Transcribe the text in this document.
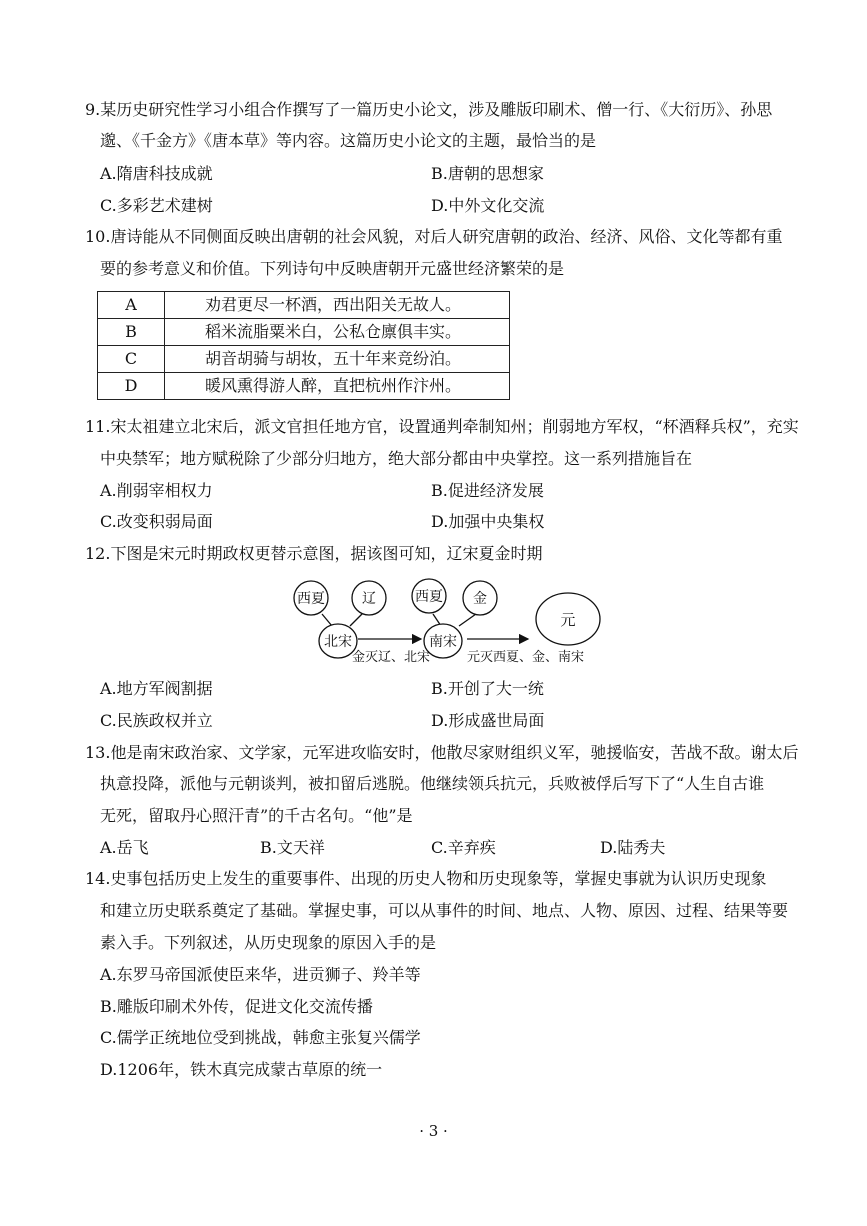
9.某历史研究性学习小组合作撰写了一篇历史小论文，涉及雕版印刷术、僧一行、《大衍历》、孙思
邈、《千金方》《唐本草》等内容。这篇历史小论文的主题，最恰当的是
A.隋唐科技成就	B.唐朝的思想家
C.多彩艺术建树	D.中外文化交流
10.唐诗能从不同侧面反映出唐朝的社会风貌，对后人研究唐朝的政治、经济、风俗、文化等都有重
要的参考意义和价值。下列诗句中反映唐朝开元盛世经济繁荣的是
A	劝君更尽一杯酒，西出阳关无故人。
B	稻米流脂粟米白，公私仓廪俱丰实。
C	胡音胡骑与胡妆，五十年来竞纷泊。
D	暖风熏得游人醉，直把杭州作汴州。
11.宋太祖建立北宋后，派文官担任地方官，设置通判牵制知州；削弱地方军权，“杯酒释兵权”，充实
中央禁军；地方赋税除了少部分归地方，绝大部分都由中央掌控。这一系列措施旨在
A.削弱宰相权力	B.促进经济发展
C.改变积弱局面	D.加强中央集权
12.下图是宋元时期政权更替示意图，据该图可知，辽宋夏金时期
西夏	辽	西夏 金
北宋	南宋
元
金灭辽、北宋	元灭西夏、金、南宋
A.地方军阀割据	B.开创了大一统
C.民族政权并立	D.形成盛世局面
13.他是南宋政治家、文学家，元军进攻临安时，他散尽家财组织义军，驰援临安，苦战不敌。谢太后
执意投降，派他与元朝谈判，被扣留后逃脱。他继续领兵抗元，兵败被俘后写下了“人生自古谁
无死，留取丹心照汗青”的千古名句。“他”是
A.岳飞	B.文天祥	C.辛弃疾	D.陆秀夫
14.史事包括历史上发生的重要事件、出现的历史人物和历史现象等，掌握史事就为认识历史现象
和建立历史联系奠定了基础。掌握史事，可以从事件的时间、地点、人物、原因、过程、结果等要
素入手。下列叙述，从历史现象的原因入手的是
A.东罗马帝国派使臣来华，进贡狮子、羚羊等
B.雕版印刷术外传，促进文化交流传播
C.儒学正统地位受到挑战，韩愈主张复兴儒学
D.1206年，铁木真完成蒙古草原的统一
· 3 ·
